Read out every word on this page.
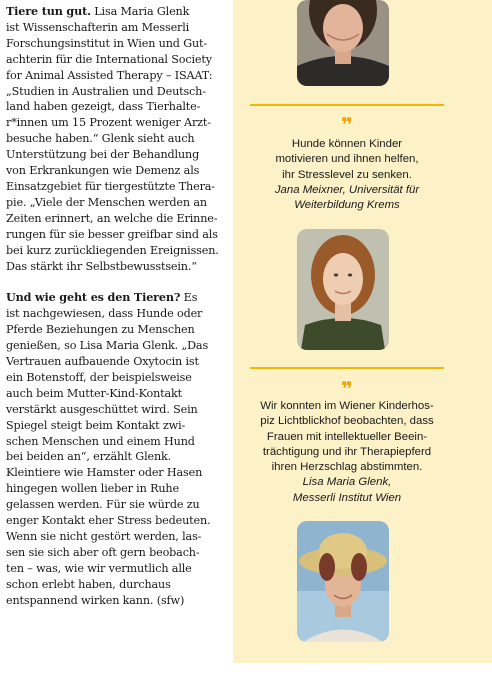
Tiere tun gut. Lisa Maria Glenk
ist Wissenschafterin am Messerli
Forschungsinstitut in Wien und Gut-
achterin für die International Society
for Animal Assisted Therapy – ISAAT:
„Studien in Australien und Deutsch-
land haben gezeigt, dass Tierhalte-
r*innen um 15 Prozent weniger Arzt-
besuche haben.“ Glenk sieht auch
Unterstützung bei der Behandlung
von Erkrankungen wie Demenz als
Einsatzgebiet für tiergestützte Thera-
pie. „Viele der Menschen werden an
Zeiten erinnert, an welche die Erinne-
rungen für sie besser greifbar sind als
bei kurz zurückliegenden Ereignissen.
Das stärkt ihr Selbstbewusstsein.“

Und wie geht es den Tieren? Es
ist nachgewiesen, dass Hunde oder
Pferde Beziehungen zu Menschen
genießen, so Lisa Maria Glenk. „Das
Vertrauen aufbauende Oxytocin ist
ein Botenstoff, der beispielsweise
auch beim Mutter-Kind-Kontakt
verstärkt ausgeschüttet wird. Sein
Spiegel steigt beim Kontakt zwi-
schen Menschen und einem Hund
bei beiden an“, erzählt Glenk.
Kleintiere wie Hamster oder Hasen
hingegen wollen lieber in Ruhe
gelassen werden. Für sie würde zu
enger Kontakt eher Stress bedeuten.
Wenn sie nicht gestört werden, las-
sen sie sich aber oft gern beobach-
ten – was, wie wir vermutlich alle
schon erlebt haben, durchaus
entspannend wirken kann. (sfw)

❞
Hunde können Kinder
motivieren und ihnen helfen,
ihr Stresslevel zu senken.
Jana Meixner, Universität für
Weiterbildung Krems
❞
Wir konnten im Wiener Kinderhos-
piz Lichtblickhof beobachten, dass
Frauen mit intellektueller Beein-
trächtigung und ihr Therapiepferd
ihren Herzschlag abstimmten.
Lisa Maria Glenk,
Messerli Institut Wien
